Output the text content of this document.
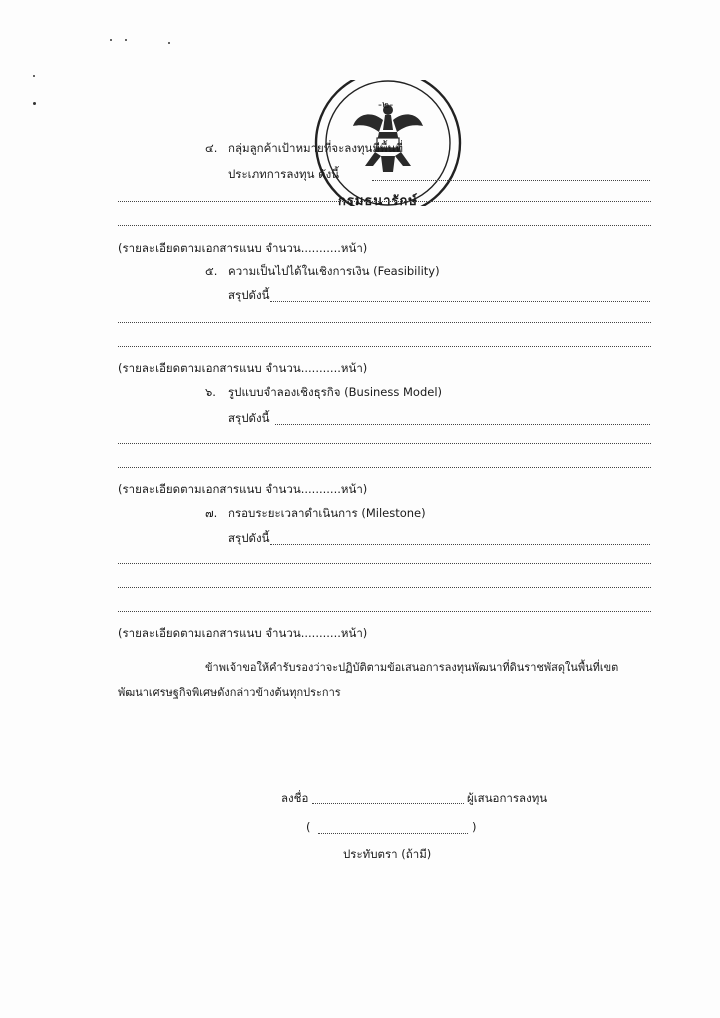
กรมธนารักษ์
-๒-
๔. กลุ่มลูกค้าเป้าหมายที่จะลงทุนมีพื้นที่
ประเภทการลงทุน ดังนี้
(รายละเอียดตามเอกสารแนบ จำนวน...........หน้า)
๕. ความเป็นไปได้ในเชิงการเงิน (Feasibility)
สรุปดังนี้
(รายละเอียดตามเอกสารแนบ จำนวน...........หน้า)
๖. รูปแบบจำลองเชิงธุรกิจ (Business Model)
สรุปดังนี้
(รายละเอียดตามเอกสารแนบ จำนวน...........หน้า)
๗. กรอบระยะเวลาดำเนินการ (Milestone)
สรุปดังนี้
(รายละเอียดตามเอกสารแนบ จำนวน...........หน้า)
ข้าพเจ้าขอให้คำรับรองว่าจะปฏิบัติตามข้อเสนอการลงทุนพัฒนาที่ดินราชพัสดุในพื้นที่เขต
พัฒนาเศรษฐกิจพิเศษดังกล่าวข้างต้นทุกประการ
ลงชื่อ	ผู้เสนอการลงทุน
(	)
ประทับตรา (ถ้ามี)
